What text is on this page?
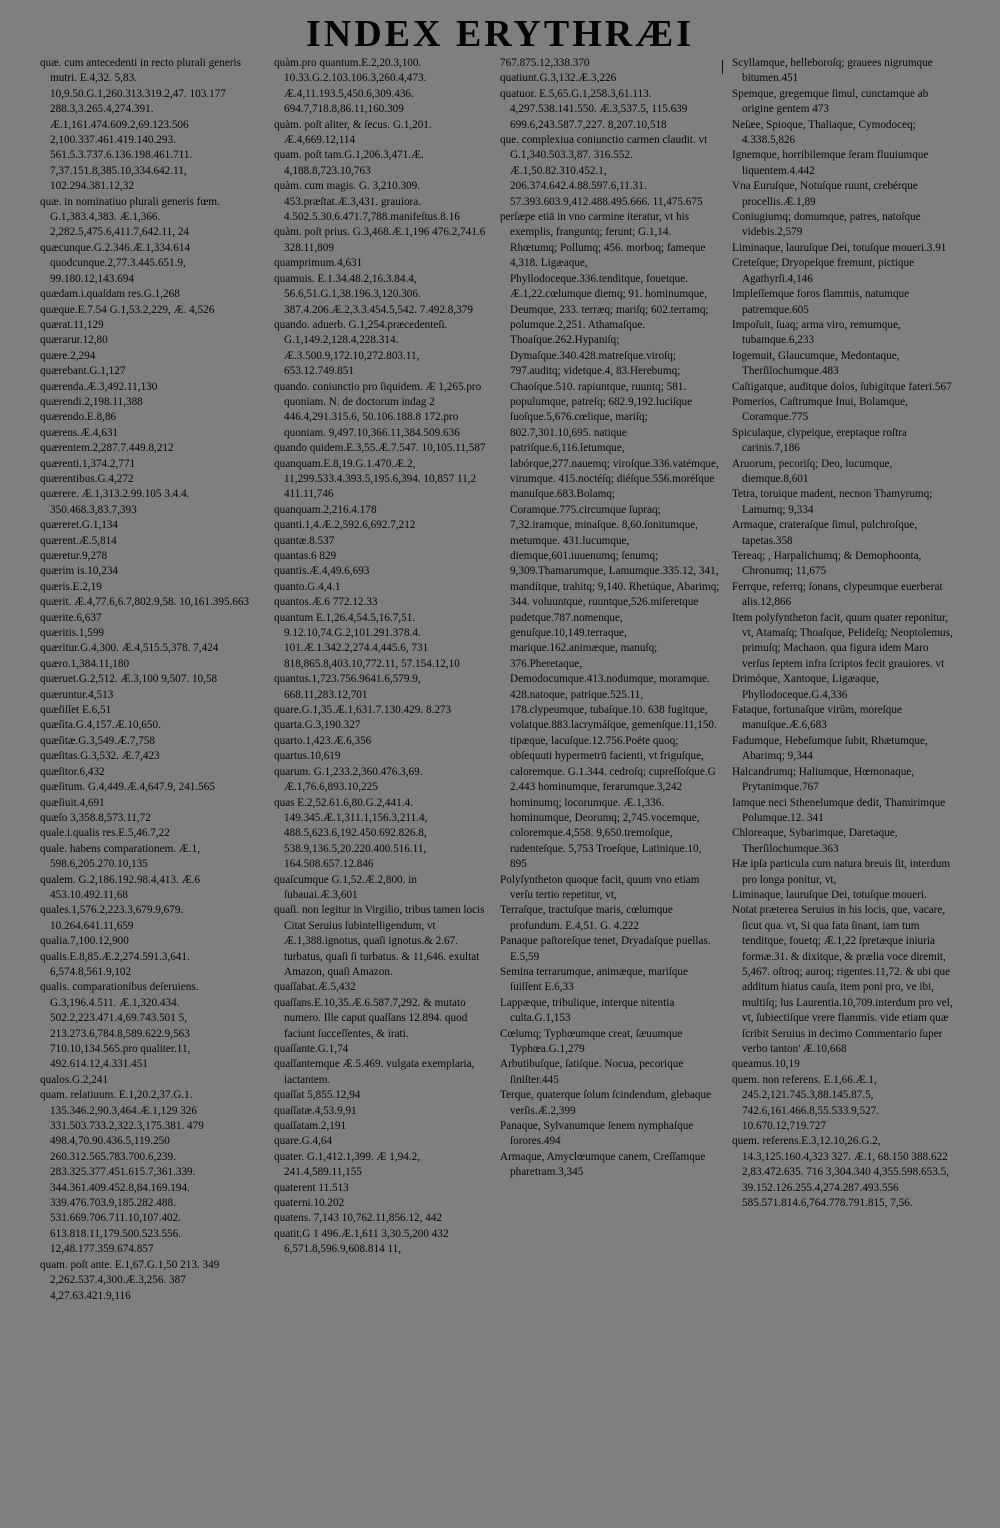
INDEX ERYTHRÆI

quæ. cum antecedenti in recto plurali generis mutri. E.4,32. 5,83. 10,9.50.G.1,260.313.319.2,47. 103.177 288.3,3.265.4,274.391. Æ.1,161.474.609.2,69.123.506 2,100.337.461.419.140.293. 561.5.3.737.6.136.198.461.711. 7,37.151.8,385.10,334.642.11, 102.294.381.12,32

quæ. in nominatiuo plurali generis fœm. G.1,383.4,383. Æ.1,366. 2,282.5,475.6,411.7,642.11, 24

quæcunque.G.2.346.Æ.1,334.614 quodcunque.2,77.3.445.651.9, 99.180.12,143.694

quædam.i.quaſdam res.G.1,268

quæque.E.7.54 G.1,53.2,229, Æ. 4,526

quærat.11,129

quærarur.12,80

quære.2,294

quærebant.G.1,127

quærenda.Æ.3,492.11,130

quærendi.2,198.11,388

quærendo.E.8,86

quærens.Æ.4,631

quærentem.2,287.7.449.8,212

quærenti.1,374.2,771

quærentibus.G.4,272

quærere. Æ.1,313.2.99.105 3.4.4. 350.468.3,83.7,393

quæreret.G.1,134

quærent.Æ.5,814

quæretur.9,278

quærim is.10,234

quæris.E.2,19

quærit. Æ.4,77.6,6.7,802.9,58. 10,161.395.663

quærite.6,637

quæritis.1,599

quæritur.G.4,300. Æ.4,515.5,378. 7,424

quæro.1,384.11,180

quæruet.G.2,512. Æ.3,100 9,507. 10,58

quæruntur.4,513

quæſiſſet E.6,51

quæſita.G.4,157.Æ.10,650.

quæſitæ.G.3,549.Æ.7,758

quæſitas.G.3,532. Æ.7,423

quæſitor.6,432

quæſitum. G.4,449.Æ.4,647.9, 241.565

quæſiuit.4,691

quæſo 3,358.8,573.11,72

quale.i.qualis res.E.5,46.7,22

quale. habens comparationem. Æ.1, 598.6,205.270.10,135

qualem. G.2,186.192.98.4,413. Æ.6 453.10.492.11,68

quales.1,576.2,223.3,679.9,679. 10.264.641.11,659

qualia.7,100.12,900

qualis.E.8,85.Æ.2,274.591.3,641. 6,574.8,561.9,102

qualis. comparationibus deſeruiens. G.3,196.4.511. Æ.1,320.434. 502.2,223.471.4,69.743.501 5, 213.273.6,784.8,589.622.9,563 710.10,134.565.pro qualiter.11, 492.614.12,4.331.451

qualos.G.2,241

quam. relatiuum. E.1,20.2,37.G.1. 135.346.2,90.3,464.Æ.1,129 326 331.503.733.2,322.3,175.381. 479 498.4,70.90.436.5,119.250 260.312.565.783.700.6,239. 283.325.377.451.615.7,361.339. 344.361.409.452.8,84.169.194. 339.476.703.9,185.282.488. 531.669.706.711.10,107.402. 613.818.11,179.500.523.556. 12,48.177.359.674.857

quam. poſt ante. E.1,67.G.1,50 213. 349 2,262.537.4,300.Æ.3,256. 387 4,27.63.421.9,116

quàm.pro quantum.E.2,20.3,100. 10.33.G.2.103.106.3,260.4,473. Æ.4,11.193.5,450.6,309.436. 694.7,718.8,86.11,160.309

quàm. poſt aliter, & ſecus. G.1,201. Æ.4,669.12,114

quam. poſt tam.G.1,206.3,471.Æ. 4,188.8,723.10,763

quàm. cum magis. G. 3,210.309. 453.præſtat.Æ.3,431. grauiora. 4.502.5.30.6.471.7,788.manifeſtus.8.16

quàm. poſt prius. G.3,468.Æ.1,196 476.2,741.6 328.11,809

quamprimum.4,631

quamuis. E.1.34.48.2,16.3.84.4, 56.6,51.G.1,38.196.3,120.306. 387.4.206.Æ.2,3.3.454.5,542. 7.492.8,379

quando. aduerb. G.1,254.præcedenteſi. G.1,149.2,128.4,228.314. Æ.3.500.9,172.10,272.803.11, 653.12.749.851

quando. coniunctio pro ſiquidem. Æ 1,265.pro quoniam. N. de doctorum indag 2 446.4,291.315.6, 50.106.188.8 172.pro quoniam. 9,497.10,366.11,384.509.636

quando quidem.E.3,55.Æ.7.547. 10,105.11,587

quanquam.E.8,19.G.1.470.Æ.2, 11,299.533.4.393.5,195.6,394. 10,857 11,2 411.11,746

quanquam.2,216.4.178

quanti.1,4.Æ.2,592.6,692.7,212

quantæ.8.537

quantas.6 829

quantis.Æ.4,49.6,693

quanto.G.4,4.1

quantos.Æ.6 772.12.33

quantum E.1,26.4,54.5,16.7,51. 9.12.10,74.G.2,101.291.378.4. 101.Æ.1.342.2,274.4,445.6, 731 818,865.8,403.10,772.11, 57.154.12,10

quantus.1,723.756.9641.6,579.9, 668.11,283.12,701

quare.G.1,35.Æ.1,631.7.130.429. 8.273

quarta.G.3,190.327

quarto.1,423.Æ.6,356

quartus.10,619

quarum. G.1,233.2,360.476.3,69. Æ.1,76.6,893.10,225

quas E.2,52.61.6,80.G.2,441.4. 149.345.Æ.1,311.1,156.3,211.4, 488.5,623.6,192.450.692.826.8, 538.9,136.5,20.220.400.516.11, 164.508.657.12.846

quaſcumque G.1,52.Æ.2,800. in ſubauai.Æ.3,601

quaſi. non legitur in Virgilio, tribus tamen locis Citat Seruius ſubintelligendum, vt Æ.1,388.ignotus, quaſi ignotus.& 2.67. turbatus, quaſi ſi turbatus. & 11,646. exultat Amazon, quaſi Amazon.

quaſſabat.Æ.5,432

quaſſans.E.10,35.Æ.6.587.7,292. & mutato numero. Ille caput quaſſans 12.894. quod faciunt ſucceſſentes, & irati.

quaſſante.G.1,74

quaſſantemque Æ.5.469. vulgata exemplaria, iactantem.

quaſſat 5,855.12,94

quaſſatæ.4,53.9,91

quaſſatam.2,191

quare.G.4,64

quater. G.1,412.1,399. Æ 1,94.2, 241.4,589.11,155

quaterent 11.513

quaterni.10.202

quatens. 7,143 10,762.11,856.12, 442

quatit.G 1 496.Æ.1,611 3,30.5,200 432 6,571.8,596.9,608.814 11,

767.875.12,338.370

quatiunt.G.3,132.Æ.3,226

quatuor. E.5,65.G.1,258.3,61.113. 4,297.538.141.550. Æ.3,537.5, 115.639 699.6,243.587.7,227. 8,207.10,518

que. complexiua coniunctio carmen claudit. vt G.1,340.503.3,87. 316.552. Æ.1,50.82.310.452.1, 206.374.642.4.88.597.6,11.31. 57.393.603.9,412.488.495.666. 11,475.675

perſæpe etiā in vno carmine iteratur, vt his exemplis, franguntq; ferunt; G.1,14. Rhœtumq; Pollumq; 456. morboq; fameque 4,318. Ligæaque, Phyllodoceque.336.tenditque, fouetque. Æ.1,22.cœlumque diemq; 91. hominumque, Deumque, 233. terræq; mariſq; 602.terramq; polumque.2,251. Athamaſque. Thoaſque.262.Hypaniſq; Dymaſque.340.428.matreſque.viroſq; 797.auditq; videtque.4, 83.Herebumq; Chaoſque.510. rapiuntque, ruuntq; 581. populumque, patreſq; 682.9,192.luciſque ſuoſque.5,676.cœlique, mariſq; 802.7,301.10,695. natique patriſque.6,116.letumque, labórque,277.nauemq; viroſque.336.vatémque, virumque. 415.noctéſq; diéſque.556.moréſque manuſque.683.Bolamq; Coramque.775.circumque ſupraq; 7,32.iramque, minaſque. 8,60.ſonitumque, metumque. 431.lucumque, diemque,601.iuuenumq; ſenumq; 9,309.Thamarumque, Lamumque.335.12, 341, mandítque, trahitq; 9,140. Rhetúque, Abarimq; 344. voluuntque, ruuntque,526.miſeretque pudetque.787.nomenque, genuſque.10,149.terraque, marique.162.animæque, manuſq; 376.Pheretaque, Demodocumque.413.nodumque, moramque. 428.natoque, patrique.525.11, 178.clypeumque, tubaſque.10. 638 fugitque, volatque.883.lacrymáſque, gemenſque.11,150. tipæque, lacuſque.12.756.Poëte quoq; obſequuti hypermetrū facienti, vt friguſque, caloremque. G.1.344. cedroſq; cupreſſoſque.G 2.443 hominumque, ferarumque.3,242 hominumq; locorumque. Æ.1,336. hominumque, Deorumq; 2,745.vocemque, coloremque.4,558. 9,650.tremoſque, rudenteſque. 5,753 Troeſque, Latinique.10, 895

Polyſyntheton quoque facit, quum vno etiam verſu tertio repetitur, vt,

Terraſque, tractuſque maris, cœlumque profundum. E.4,51. G. 4.222

Panaque paſtoreſque tenet, Dryadaſque puellas. E.5,59

Semina terrarumque, animæque, mariſque ſuiſſent E.6,33

Lappæque, tribulique, interque nitentia culta.G.1,153

Cœlumq; Typhœumque creat, ſæuumque Typhœa.G.1,279

Arbutibuſque, ſatiſque. Nocua, pecorique ſiniſter.445

Terque, quaterque ſolum ſcindendum, glebaque verſis.Æ.2,399

Panaque, Sylvanumque ſenem nymphaſque ſorores.494

Armaque, Amyclœumque canem, Creſſamque pharetram.3,345

Scyllamque, helleboroſq; grauees nigrumque bitumen.451

Spemque, gregemque ſimul, cunctamque ab origine gentem 473

Neſæe, Spioque, Thaliaque, Cymodoceq; 4.338.5,826

Ignemque, horribilemque ſeram fluuiumque liquentem.4.442

Vna Euruſque, Notuſque ruunt, crebérque procellis.Æ.1,89

Coniugiumq; domumque, patres, natoſque videbis.2,579

Liminaque, lauruſque Dei, totuſque moueri.3.91

Creteſque; Dryopeſque fremunt, pictique Agathyrſi.4,146

Impleſſemque foros flammis, natumque patremque.605

Impoſuit, ſuaq; arma viro, remumque, tubamque.6,233

Iogemuit, Glaucumque, Medontaque, Therſilochumque.483

Caſtigatque, auditque dolos, ſubigitque fateri.567

Pomerios, Caſtrumque Inui, Bolamque, Coramque.775

Spiculaque, clypeique, ereptaque roſtra carinis.7,186

Aruorum, pecoriſq; Deo, lucumque, diemque.8,601

Tetra, toruique madent, necnon Thamyrumq; Lamumq; 9,334

Armaque, crateraſque ſimul, pulchroſque, tapetas.358

Tereaq; , Harpalichumq; & Demophoonta, Chronumq; 11,675

Ferrque, referrq; ſonans, clypeumque euerberat alis.12,866

Item polyſyntheton facit, quum quater reponitur, vt, Atamaſq; Thoaſque, Pelideſq; Neoptolemus, primuſq; Machaon. qua figura idem Maro verſus ſeptem infra ſcriptos fecit grauiores. vt

Drimóque, Xantoque, Ligæaque, Phyllodoceque.G.4,336

Fataque, fortunaſque virûm, moreſque manuſque.Æ.6,683

Fadumque, Hebeſumque ſubit, Rhætumque, Abarimq; 9,344

Halcandrumq; Haliumque, Hœmonaque, Prytanimque.767

Iamque neci Sthenelumque dedit, Thamirimque Polumque.12. 341

Chloreaque, Sybarimque, Daretaque, Therſilochumque.363

Hæ ipſa particula cum natura breuis ſit, interdum pro longa ponitur, vt,

Liminaque, lauruſque Dei, totuſque moueri.

Notat præterea Seruius in his locis, que, vacare, ſicut qua. vt, Si qua fata ſinant, iam tum tenditque, fouetq; Æ.1,22 ſpretæque iniuria formæ.31. & dixitque, & prælia voce diremit, 5,467. oſtroq; auroq; rigentes.11,72. & ubi que additum hiatus cauſa, item poni pro, ve ibi, multiſq; lus Laurentia.10,709.interdum pro vel, vt, ſubiectiſque vrere flammis. vide etiam quæ ſcribit Seruius in decimo Commentario ſuper verbo tanton' Æ.10,668

queamus.10,19

quem. non referens. E.1,66.Æ.1, 245.2,121.745.3,88.145.87.5, 742.6,161.466.8,55.533.9,527. 10.670.12,719.727

quem. referens.E.3,12.10,26.G.2, 14.3,125.160.4,323 327. Æ.1, 68.150 388.622 2,83.472.635. 716 3,304.340 4,355.598.653.5, 39.152.126.255.4,274.287.493.556 585.571.814.6,764.778.791.815, 7,56.
